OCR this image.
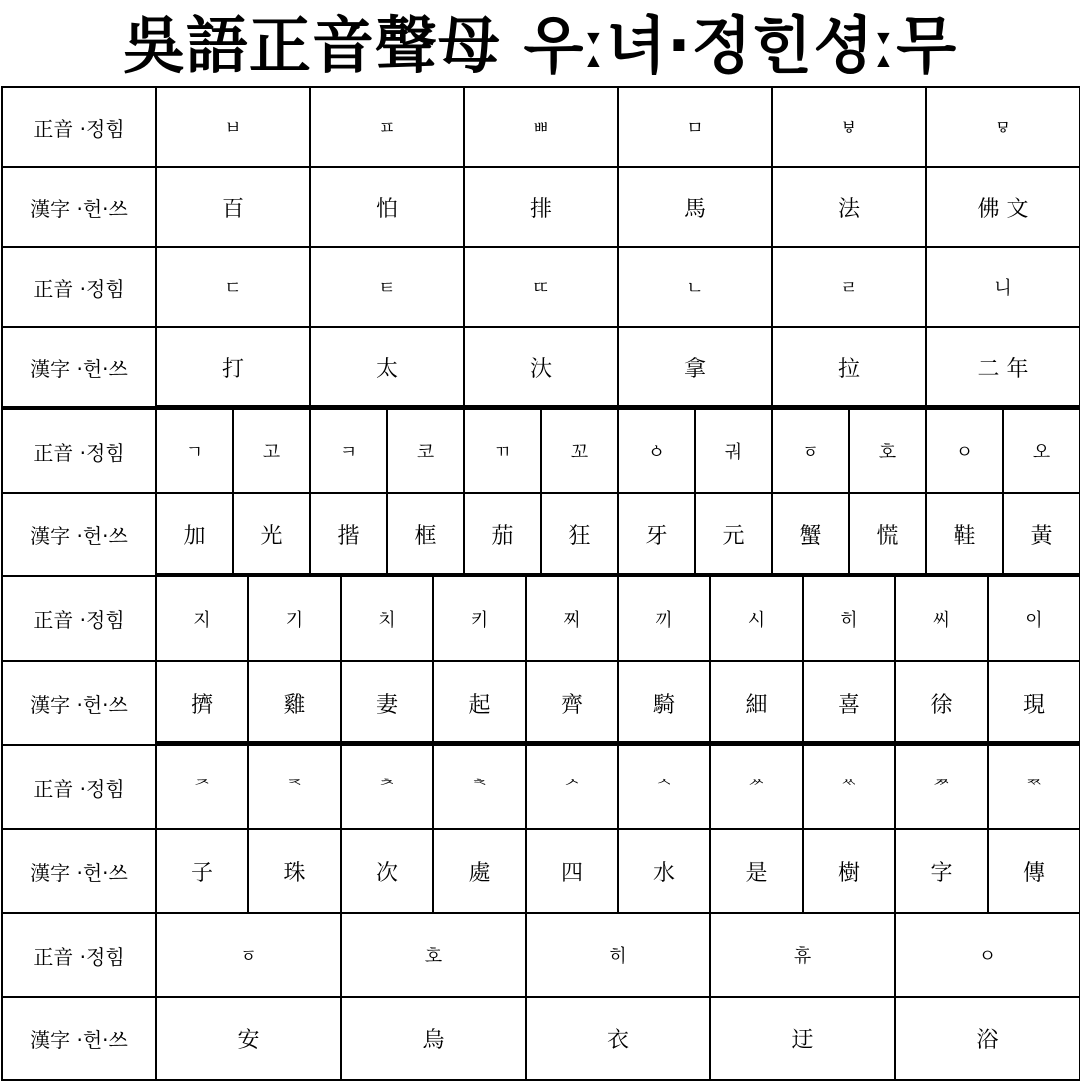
吳語正音聲母 우ː녀·정힌셩ː무
正音 ·정힘
漢字 ·헌·쓰
ㅂ
百
ㅍ
怕
ㅃ
排
ㅁ
馬
ㅸ
法
ㅱ
佛 文
正音 ·정힘
漢字 ·헌·쓰
ㄷ
打
ㅌ
太
ㄸ
汏
ㄴ
拿
ㄹ
拉
니
二 年
正音 ·정힘
漢字 ·헌·쓰
ㄱ
加
고
光
ㅋ
揩
코
框
ㄲ
茄
꼬
狂
ㆁ
牙
궈
元
ㆆ
蟹
호
慌
ㅇ
鞋
오
黃
正音 ·정힘
漢字 ·헌·쓰
지
擠
기
雞
치
妻
키
起
찌
齊
끼
騎
시
細
히
喜
씨
徐
이
現
正音 ·정힘
漢字 ·헌·쓰
ᅎ
子
ᅐ
珠
ᅔ
次
ᅕ
處
ᄼ
四
ᄾ
水
ᄽ
是
ᄿ
樹
ᅏ
字
ᅑ
傳
正音 ·정힘
漢字 ·헌·쓰
ㆆ
安
호
烏
히
衣
휴
迂
ㅇ
浴
